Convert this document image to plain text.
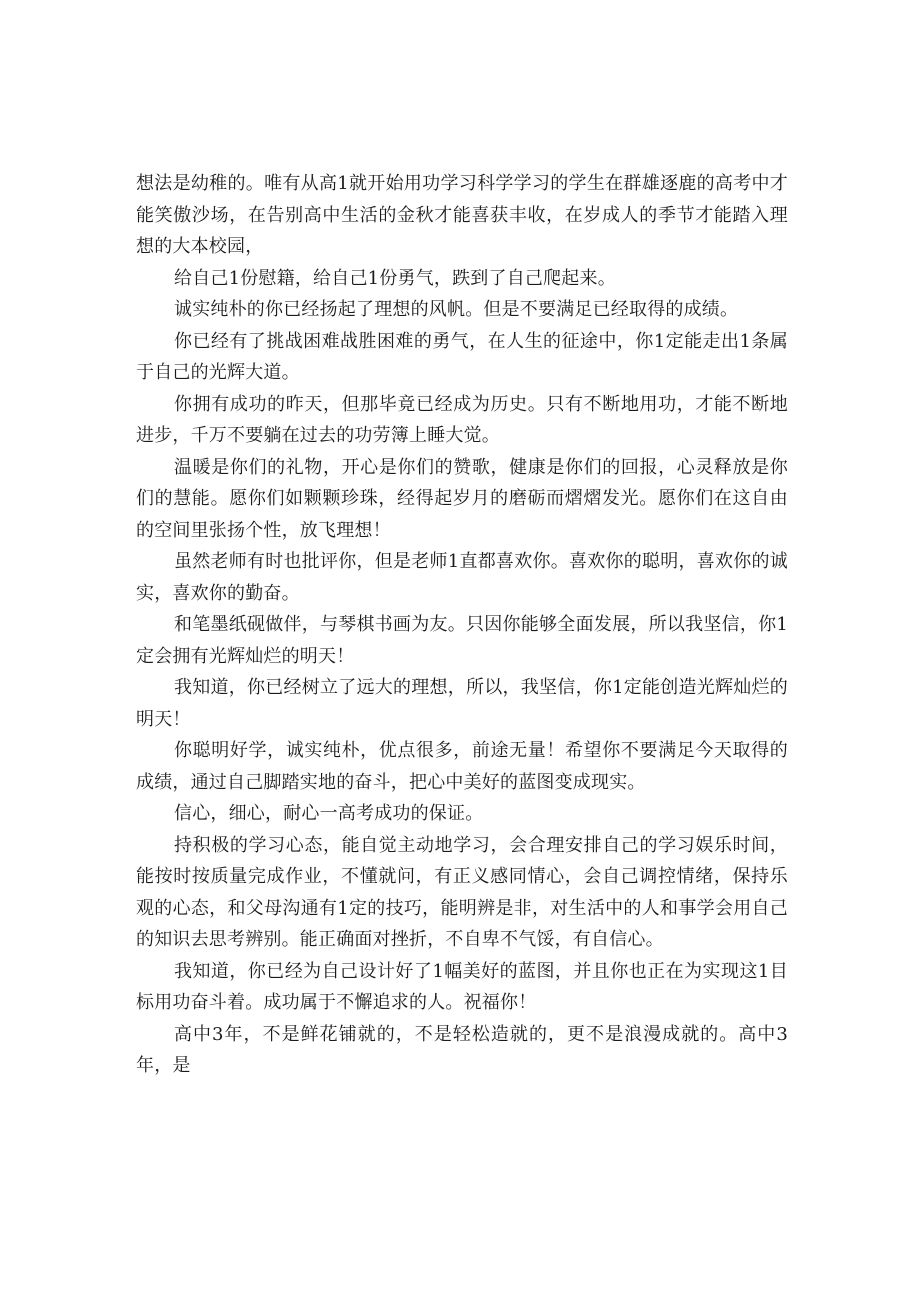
想法是幼稚的。唯有从高1就开始用功学习科学学习的学生在群雄逐鹿的高考中才能笑傲沙场，在告别高中生活的金秋才能喜获丰收，在岁成人的季节才能踏入理想的大本校园，

给自己1份慰籍，给自己1份勇气，跌到了自己爬起来。

诚实纯朴的你已经扬起了理想的风帆。但是不要满足已经取得的成绩。

你已经有了挑战困难战胜困难的勇气，在人生的征途中，你1定能走出1条属于自己的光辉大道。

你拥有成功的昨天，但那毕竟已经成为历史。只有不断地用功，才能不断地进步，千万不要躺在过去的功劳簿上睡大觉。

温暖是你们的礼物，开心是你们的赞歌，健康是你们的回报，心灵释放是你们的慧能。愿你们如颗颗珍珠，经得起岁月的磨砺而熠熠发光。愿你们在这自由的空间里张扬个性，放飞理想！

虽然老师有时也批评你，但是老师1直都喜欢你。喜欢你的聪明，喜欢你的诚实，喜欢你的勤奋。

和笔墨纸砚做伴，与琴棋书画为友。只因你能够全面发展，所以我坚信，你1定会拥有光辉灿烂的明天！

我知道，你已经树立了远大的理想，所以，我坚信，你1定能创造光辉灿烂的明天！

你聪明好学，诚实纯朴，优点很多，前途无量！希望你不要满足今天取得的成绩，通过自己脚踏实地的奋斗，把心中美好的蓝图变成现实。

信心，细心，耐心一高考成功的保证。

持积极的学习心态，能自觉主动地学习，会合理安排自己的学习娱乐时间，能按时按质量完成作业，不懂就问，有正义感同情心，会自己调控情绪，保持乐观的心态，和父母沟通有1定的技巧，能明辨是非，对生活中的人和事学会用自己的知识去思考辨别。能正确面对挫折，不自卑不气馁，有自信心。

我知道，你已经为自己设计好了1幅美好的蓝图，并且你也正在为实现这1目标用功奋斗着。成功属于不懈追求的人。祝福你！

高中3年，不是鲜花铺就的，不是轻松造就的，更不是浪漫成就的。高中3年，是
